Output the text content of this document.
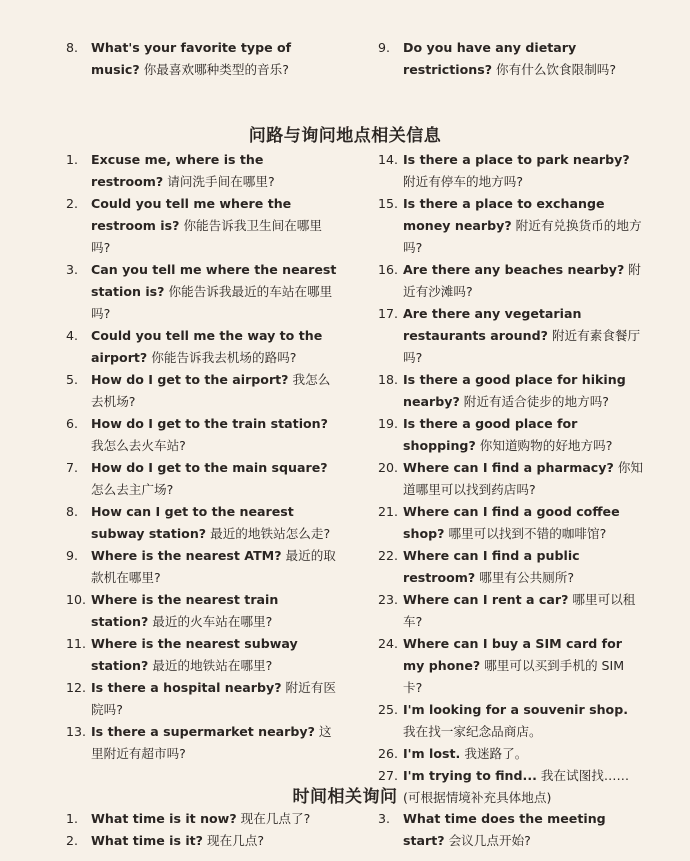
8. What's your favorite type of music? 你最喜欢哪种类型的音乐?

9. Do you have any dietary restrictions? 你有什么饮食限制吗?

问路与询问地点相关信息

1. Excuse me, where is the restroom? 请问洗手间在哪里?

2. Could you tell me where the restroom is? 你能告诉我卫生间在哪里吗?

3. Can you tell me where the nearest station is? 你能告诉我最近的车站在哪里吗?

4. Could you tell me the way to the airport? 你能告诉我去机场的路吗?

5. How do I get to the airport? 我怎么去机场?

6. How do I get to the train station? 我怎么去火车站?

7. How do I get to the main square? 怎么去主广场?

8. How can I get to the nearest subway station? 最近的地铁站怎么走?

9. Where is the nearest ATM? 最近的取款机在哪里?

10. Where is the nearest train station? 最近的火车站在哪里?

11. Where is the nearest subway station? 最近的地铁站在哪里?

12. Is there a hospital nearby? 附近有医院吗?

13. Is there a supermarket nearby? 这里附近有超市吗?

14. Is there a place to park nearby? 附近有停车的地方吗?

15. Is there a place to exchange money nearby? 附近有兑换货币的地方吗?

16. Are there any beaches nearby? 附近有沙滩吗?

17. Are there any vegetarian restaurants around? 附近有素食餐厅吗?

18. Is there a good place for hiking nearby? 附近有适合徒步的地方吗?

19. Is there a good place for shopping? 你知道购物的好地方吗?

20. Where can I find a pharmacy? 你知道哪里可以找到药店吗?

21. Where can I find a good coffee shop? 哪里可以找到不错的咖啡馆?

22. Where can I find a public restroom? 哪里有公共厕所?

23. Where can I rent a car? 哪里可以租车?

24. Where can I buy a SIM card for my phone? 哪里可以买到手机的 SIM 卡?

25. I'm looking for a souvenir shop. 我在找一家纪念品商店。

26. I'm lost. 我迷路了。

27. I'm trying to find... 我在试图找……(可根据情境补充具体地点)

时间相关询问

1. What time is it now? 现在几点了?

2. What time is it? 现在几点?

3. What time does the meeting start? 会议几点开始?
